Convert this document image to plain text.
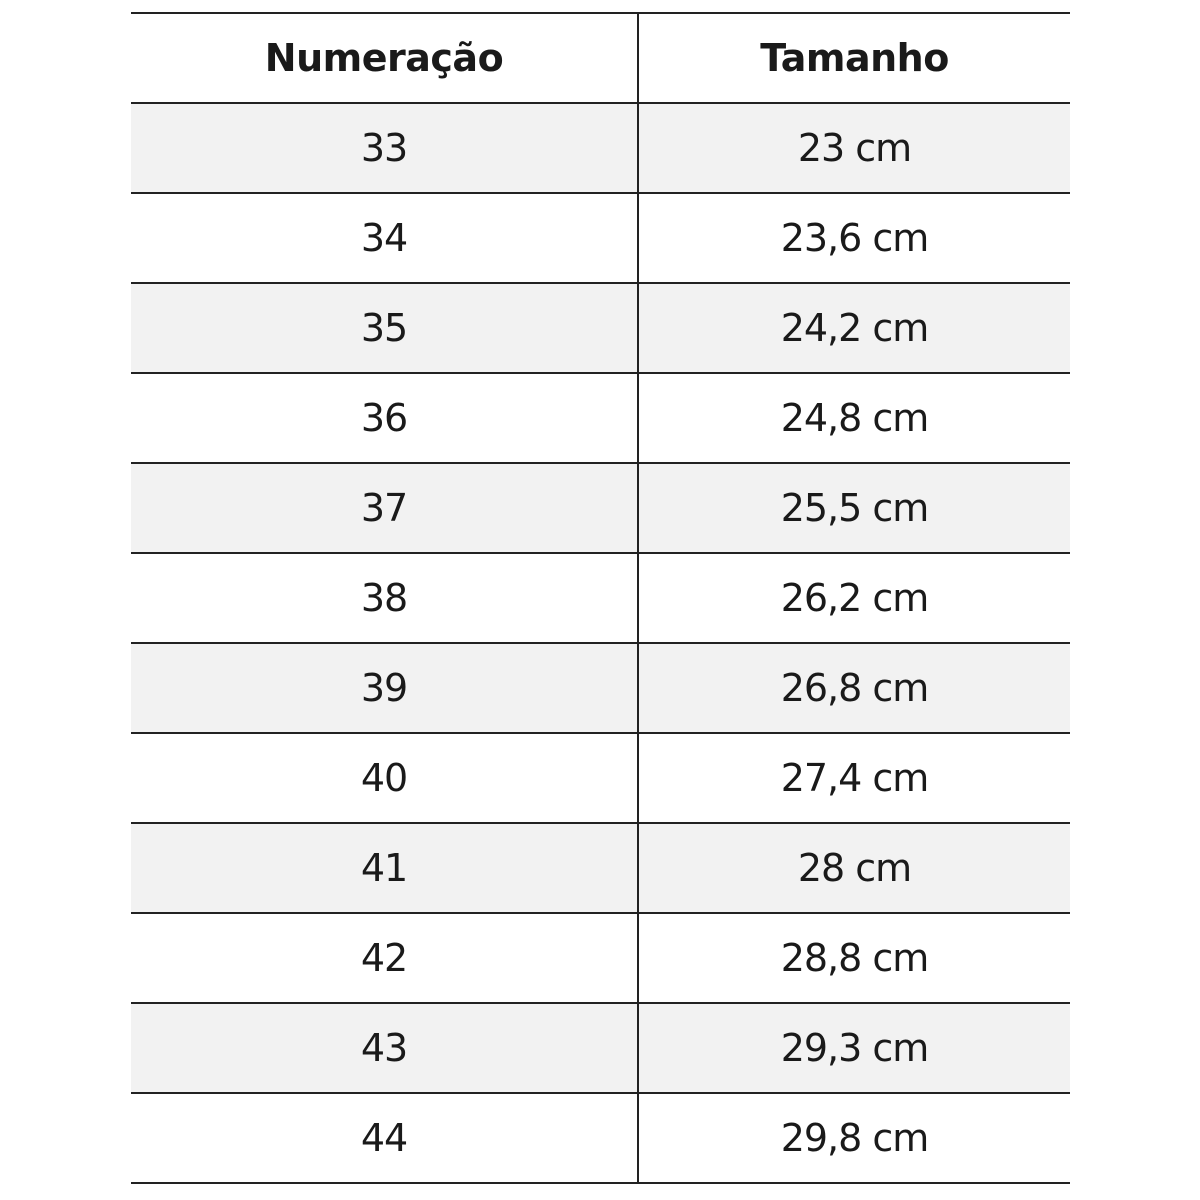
Numeração	Tamanho
33	23 cm
34	23,6 cm
35	24,2 cm
36	24,8 cm
37	25,5 cm
38	26,2 cm
39	26,8 cm
40	27,4 cm
41	28 cm
42	28,8 cm
43	29,3 cm
44	29,8 cm
